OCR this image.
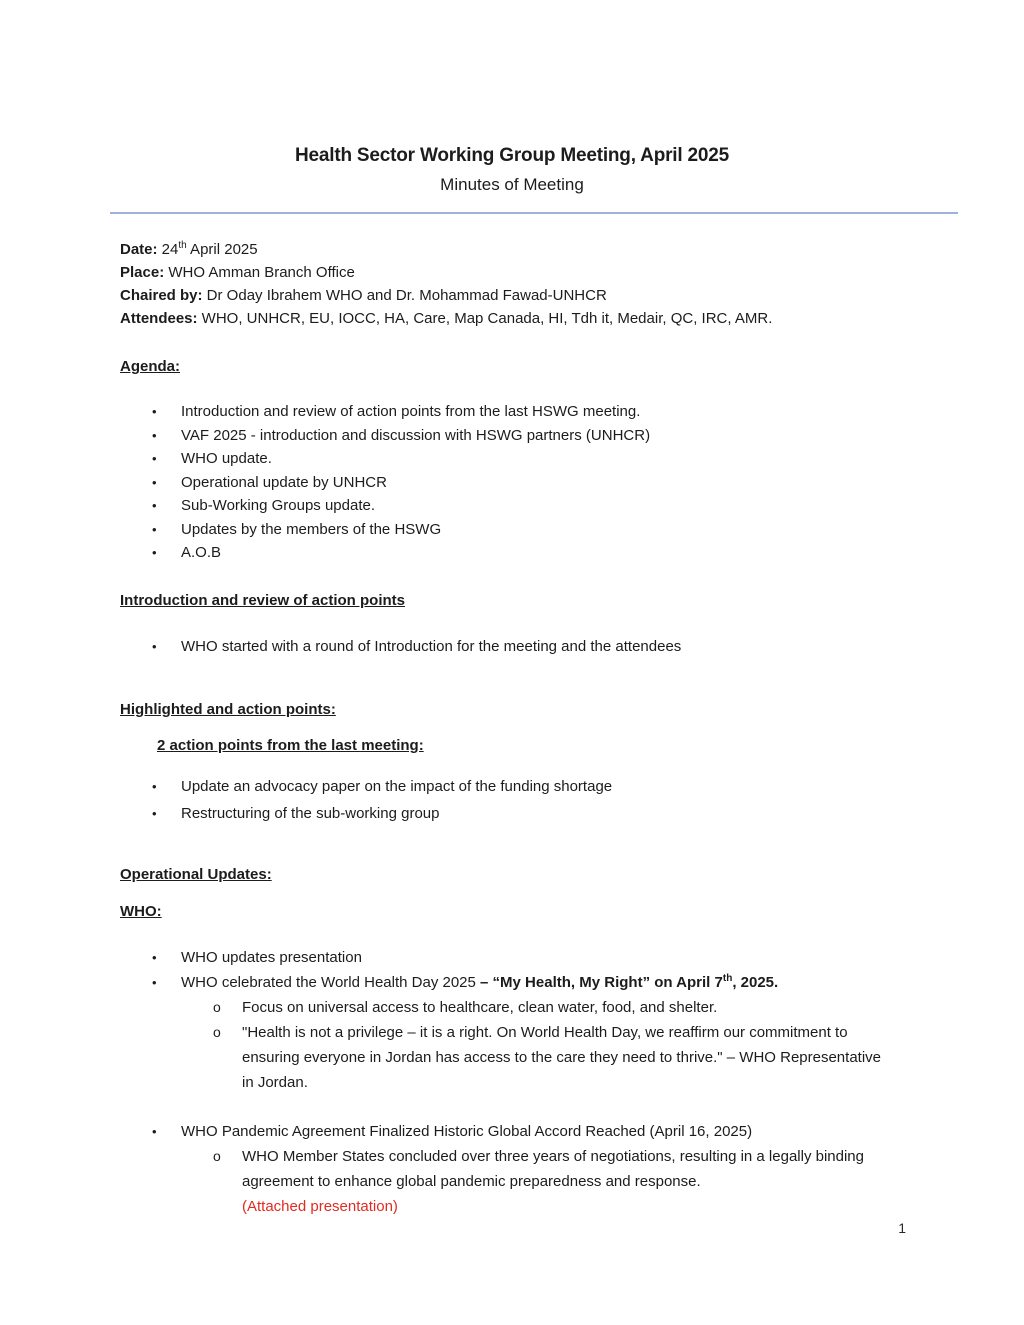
Health Sector Working Group Meeting, April 2025
Minutes of Meeting
Date: 24th April 2025
Place: WHO Amman Branch Office
Chaired by: Dr Oday Ibrahem WHO and Dr. Mohammad Fawad-UNHCR
Attendees: WHO, UNHCR, EU, IOCC, HA, Care, Map Canada, HI, Tdh it, Medair, QC, IRC, AMR.
Agenda:
•	Introduction and review of action points from the last HSWG meeting.
•	VAF 2025 - introduction and discussion with HSWG partners (UNHCR)
•	WHO update.
•	Operational update by UNHCR
•	Sub-Working Groups update.
•	Updates by the members of the HSWG
•	A.O.B
Introduction and review of action points
•	WHO started with a round of Introduction for the meeting and the attendees
Highlighted and action points:
2 action points from the last meeting:
•	Update an advocacy paper on the impact of the funding shortage
•	Restructuring of the sub-working group
Operational Updates:
WHO:
•	WHO updates presentation
•	WHO celebrated the World Health Day 2025 – “My Health, My Right” on April 7th, 2025.
o	Focus on universal access to healthcare, clean water, food, and shelter.
o	"Health is not a privilege – it is a right. On World Health Day, we reaffirm our commitment to ensuring everyone in Jordan has access to the care they need to thrive." – WHO Representative in Jordan.
•	WHO Pandemic Agreement Finalized Historic Global Accord Reached (April 16, 2025)
o	WHO Member States concluded over three years of negotiations, resulting in a legally binding agreement to enhance global pandemic preparedness and response.
(Attached presentation)
1
